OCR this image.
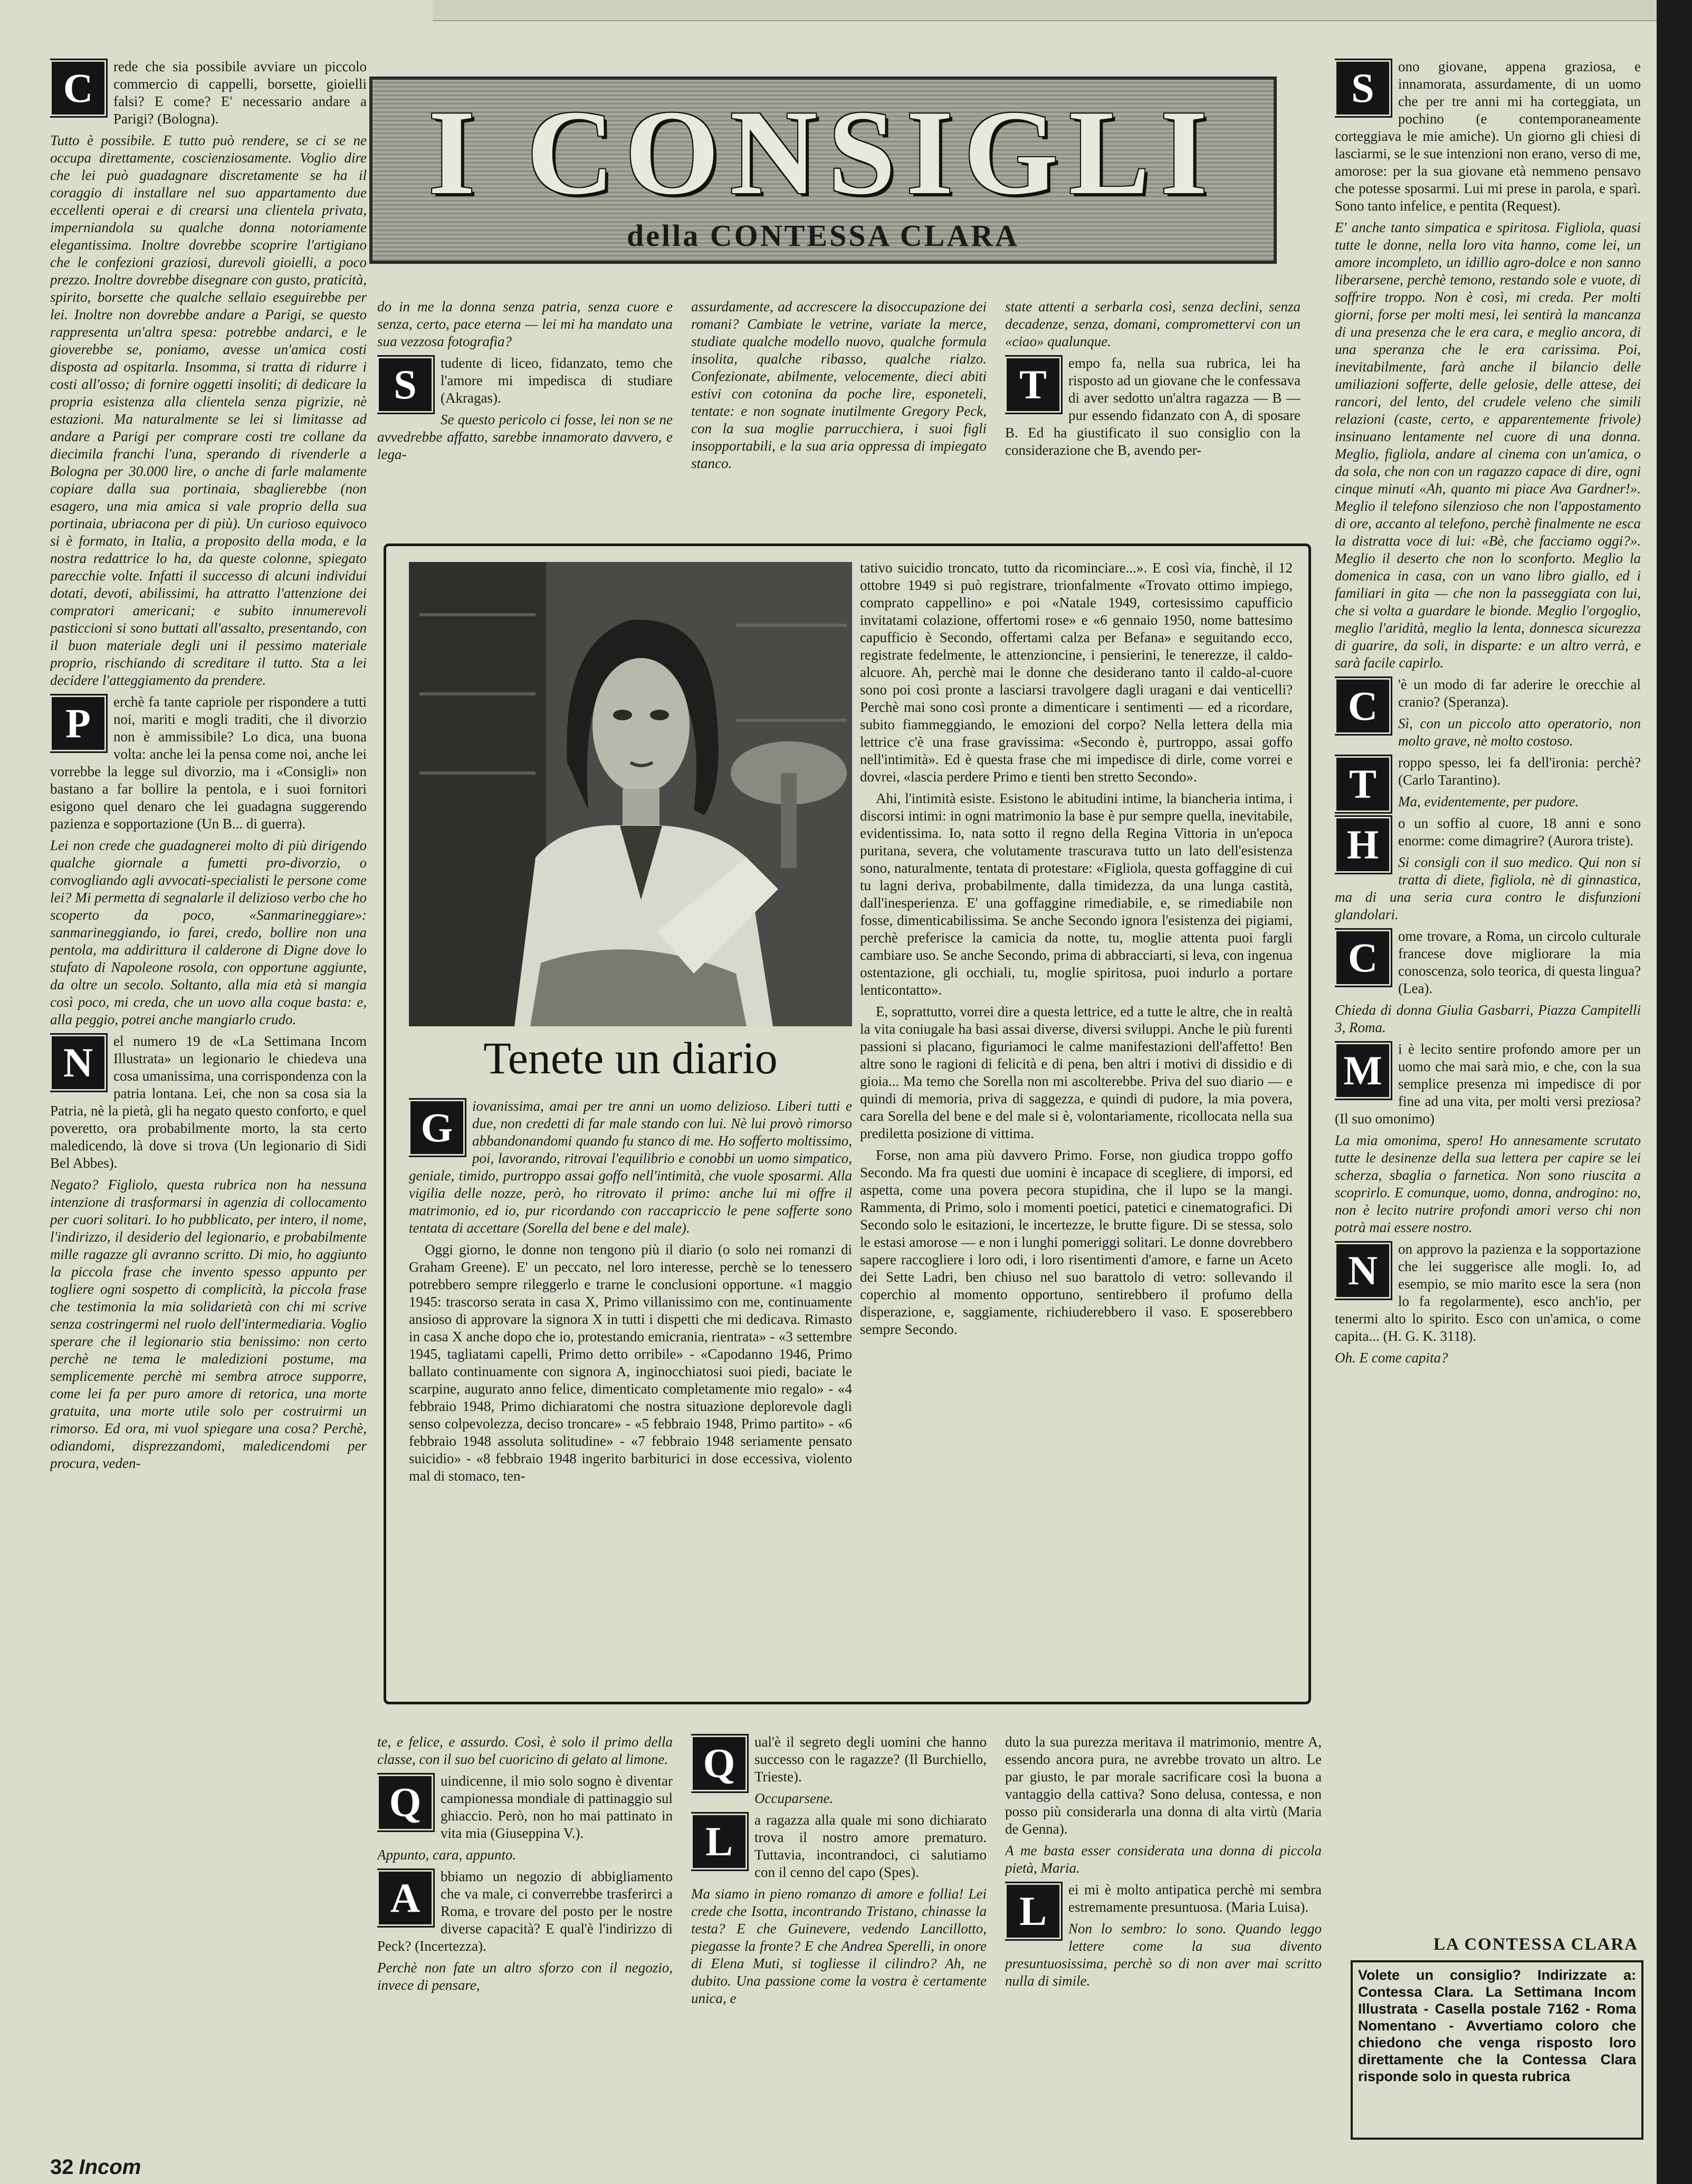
I CONSIGLI
della CONTESSA CLARA

C	rede che sia possibile avviare un piccolo commercio di cappelli, borsette, gioielli falsi? E come? E' necessario andare a Parigi? (Bologna).

Tutto è possibile. E tutto può rendere, se ci se ne occupa direttamente, coscienziosamente. Voglio dire che lei può guadagnare discretamente se ha il coraggio di installare nel suo appartamento due eccellenti operai e di crearsi una clientela privata, imperniandola su qualche donna notoriamente elegantissima. Inoltre dovrebbe scoprire l'artigiano che le confezioni graziosi, durevoli gioielli, a poco prezzo. Inoltre dovrebbe disegnare con gusto, praticità, spirito, borsette che qualche sellaio eseguirebbe per lei. Inoltre non dovrebbe andare a Parigi, se questo rappresenta un'altra spesa: potrebbe andarci, e le gioverebbe se, poniamo, avesse un'amica costi disposta ad ospitarla. Insomma, si tratta di ridurre i costi all'osso; di fornire oggetti insoliti; di dedicare la propria esistenza alla clientela senza pigrizie, nè estazioni. Ma naturalmente se lei si limitasse ad andare a Parigi per comprare costi tre collane da diecimila franchi l'una, sperando di rivenderle a Bologna per 30.000 lire, o anche di farle malamente copiare dalla sua portinaia, sbaglierebbe (non esagero, una mia amica si vale proprio della sua portinaia, ubriacona per di più). Un curioso equivoco si è formato, in Italia, a proposito della moda, e la nostra redattrice lo ha, da queste colonne, spiegato parecchie volte. Infatti il successo di alcuni individui dotati, devoti, abilissimi, ha attratto l'attenzione dei compratori americani; e subito innumerevoli pasticcioni si sono buttati all'assalto, presentando, con il buon materiale degli uni il pessimo materiale proprio, rischiando di screditare il tutto. Sta a lei decidere l'atteggiamento da prendere.

P	erchè fa tante capriole per rispondere a tutti noi, mariti e mogli traditi, che il divorzio non è ammissibile? Lo dica, una buona volta: anche lei la pensa come noi, anche lei vorrebbe la legge sul divorzio, ma i «Consigli» non bastano a far bollire la pentola, e i suoi fornitori esigono quel denaro che lei guadagna suggerendo pazienza e sopportazione (Un B... di guerra).

Lei non crede che guadagnerei molto di più dirigendo qualche giornale a fumetti pro-divorzio, o convogliando agli avvocati-specialisti le persone come lei? Mi permetta di segnalarle il delizioso verbo che ho scoperto da poco, «Sanmarineggiare»: sanmarineggiando, io farei, credo, bollire non una pentola, ma addirittura il calderone di Digne dove lo stufato di Napoleone rosola, con opportune aggiunte, da oltre un secolo. Soltanto, alla mia età si mangia così poco, mi creda, che un uovo alla coque basta: e, alla peggio, potrei anche mangiarlo crudo.

N	el numero 19 de «La Settimana Incom Illustrata» un legionario le chiedeva una cosa umanissima, una corrispondenza con la patria lontana. Lei, che non sa cosa sia la Patria, nè la pietà, gli ha negato questo conforto, e quel poveretto, ora probabilmente morto, la sta certo maledicendo, là dove si trova (Un legionario di Sidi Bel Abbes).

Negato? Figliolo, questa rubrica non ha nessuna intenzione di trasformarsi in agenzia di collocamento per cuori solitari. Io ho pubblicato, per intero, il nome, l'indirizzo, il desiderio del legionario, e probabilmente mille ragazze gli avranno scritto. Di mio, ho aggiunto la piccola frase che invento spesso appunto per togliere ogni sospetto di complicità, la piccola frase che testimonia la mia solidarietà con chi mi scrive senza costringermi nel ruolo dell'intermediaria. Voglio sperare che il legionario stia benissimo: non certo perchè ne tema le maledizioni postume, ma semplicemente perchè mi sembra atroce supporre, come lei fa per puro amore di retorica, una morte gratuita, una morte utile solo per costruirmi un rimorso. Ed ora, mi vuol spiegare una cosa? Perchè, odiandomi, disprezzandomi, maledicendomi per procura, veden-

do in me la donna senza patria, senza cuore e senza, certo, pace eterna — lei mi ha mandato una sua vezzosa fotografia?

S	tudente di liceo, fidanzato, temo che l'amore mi impedisca di studiare (Akragas).

Se questo pericolo ci fosse, lei non se ne avvedrebbe affatto, sarebbe innamorato davvero, e lega-

assurdamente, ad accrescere la disoccupazione dei romani? Cambiate le vetrine, variate la merce, studiate qualche modello nuovo, qualche formula insolita, qualche ribasso, qualche rialzo. Confezionate, abilmente, velocemente, dieci abiti estivi con cotonina da poche lire, esponeteli, tentate: e non sognate inutilmente Gregory Peck, con la sua moglie parrucchiera, i suoi figli insopportabili, e la sua aria oppressa di impiegato stanco.

state attenti a serbarla così, senza declini, senza decadenze, senza, domani, compromettervi con un «ciao» qualunque.

T	empo fa, nella sua rubrica, lei ha risposto ad un giovane che le confessava di aver sedotto un'altra ragazza — B — pur essendo fidanzato con A, di sposare B. Ed ha giustificato il suo consiglio con la considerazione che B, avendo per-

Tenete un diario

G	iovanissima, amai per tre anni un uomo delizioso. Liberi tutti e due, non credetti di far male stando con lui. Nè lui provò rimorso abbandonandomi quando fu stanco di me. Ho sofferto moltissimo, poi, lavorando, ritrovai l'equilibrio e conobbi un uomo simpatico, geniale, timido, purtroppo assai goffo nell'intimità, che vuole sposarmi. Alla vigilia delle nozze, però, ho ritrovato il primo: anche lui mi offre il matrimonio, ed io, pur ricordando con raccapriccio le pene sofferte sono tentata di accettare (Sorella del bene e del male).

Oggi giorno, le donne non tengono più il diario (o solo nei romanzi di Graham Greene). E' un peccato, nel loro interesse, perchè se lo tenessero potrebbero sempre rileggerlo e trarne le conclusioni opportune. «1 maggio 1945: trascorso serata in casa X, Primo villanissimo con me, continuamente ansioso di approvare la signora X in tutti i dispetti che mi dedicava. Rimasto in casa X anche dopo che io, protestando emicrania, rientrata» - «3 settembre 1945, tagliatami capelli, Primo detto orribile» - «Capodanno 1946, Primo ballato continuamente con signora A, inginocchiatosi suoi piedi, baciate le scarpine, augurato anno felice, dimenticato completamente mio regalo» - «4 febbraio 1948, Primo dichiaratomi che nostra situazione deplorevole dagli senso colpevolezza, deciso troncare» - «5 febbraio 1948, Primo partito» - «6 febbraio 1948 assoluta solitudine» - «7 febbraio 1948 seriamente pensato suicidio» - «8 febbraio 1948 ingerito barbiturici in dose eccessiva, violento mal di stomaco, ten-

tativo suicidio troncato, tutto da ricominciare...». E così via, finchè, il 12 ottobre 1949 si può registrare, trionfalmente «Trovato ottimo impiego, comprato cappellino» e poi «Natale 1949, cortesissimo capufficio invitatami colazione, offertomi rose» e «6 gennaio 1950, nome battesimo capufficio è Secondo, offertami calza per Befana» e seguitando ecco, registrate fedelmente, le attenzioncine, i pensierini, le tenerezze, il caldo-alcuore. Ah, perchè mai le donne che desiderano tanto il caldo-al-cuore sono poi così pronte a lasciarsi travolgere dagli uragani e dai venticelli? Perchè mai sono così pronte a dimenticare i sentimenti — ed a ricordare, subito fiammeggiando, le emozioni del corpo? Nella lettera della mia lettrice c'è una frase gravissima: «Secondo è, purtroppo, assai goffo nell'intimità». Ed è questa frase che mi impedisce di dirle, come vorrei e dovrei, «lascia perdere Primo e tienti ben stretto Secondo».

Ahi, l'intimità esiste. Esistono le abitudini intime, la biancheria intima, i discorsi intimi: in ogni matrimonio la base è pur sempre quella, inevitabile, evidentissima. Io, nata sotto il regno della Regina Vittoria in un'epoca puritana, severa, che volutamente trascurava tutto un lato dell'esistenza sono, naturalmente, tentata di protestare: «Figliola, questa goffaggine di cui tu lagni deriva, probabilmente, dalla timidezza, da una lunga castità, dall'inesperienza. E' una goffaggine rimediabile, e, se rimediabile non fosse, dimenticabilissima. Se anche Secondo ignora l'esistenza dei pigiami, perchè preferisce la camicia da notte, tu, moglie attenta puoi fargli cambiare uso. Se anche Secondo, prima di abbracciarti, si leva, con ingenua ostentazione, gli occhiali, tu, moglie spiritosa, puoi indurlo a portare lenticontatto».

E, soprattutto, vorrei dire a questa lettrice, ed a tutte le altre, che in realtà la vita coniugale ha basi assai diverse, diversi sviluppi. Anche le più furenti passioni si placano, figuriamoci le calme manifestazioni dell'affetto! Ben altre sono le ragioni di felicità e di pena, ben altri i motivi di dissidio e di gioia... Ma temo che Sorella non mi ascolterebbe. Priva del suo diario — e quindi di memoria, priva di saggezza, e quindi di pudore, la mia povera, cara Sorella del bene e del male si è, volontariamente, ricollocata nella sua prediletta posizione di vittima.

Forse, non ama più davvero Primo. Forse, non giudica troppo goffo Secondo. Ma fra questi due uomini è incapace di scegliere, di imporsi, ed aspetta, come una povera pecora stupidina, che il lupo se la mangi. Rammenta, di Primo, solo i momenti poetici, patetici e cinematografici. Di Secondo solo le esitazioni, le incertezze, le brutte figure. Di se stessa, solo le estasi amorose — e non i lunghi pomeriggi solitari. Le donne dovrebbero sapere raccogliere i loro odi, i loro risentimenti d'amore, e farne un Aceto dei Sette Ladri, ben chiuso nel suo barattolo di vetro: sollevando il coperchio al momento opportuno, sentirebbero il profumo della disperazione, e, saggiamente, richiuderebbero il vaso. E sposerebbero sempre Secondo.

S	ono giovane, appena graziosa, e innamorata, assurdamente, di un uomo che per tre anni mi ha corteggiata, un pochino (e contemporaneamente corteggiava le mie amiche). Un giorno gli chiesi di lasciarmi, se le sue intenzioni non erano, verso di me, amorose: per la sua giovane età nemmeno pensavo che potesse sposarmi. Lui mi prese in parola, e sparì. Sono tanto infelice, e pentita (Request).

E' anche tanto simpatica e spiritosa. Figliola, quasi tutte le donne, nella loro vita hanno, come lei, un amore incompleto, un idillio agro-dolce e non sanno liberarsene, perchè temono, restando sole e vuote, di soffrire troppo. Non è così, mi creda. Per molti giorni, forse per molti mesi, lei sentirà la mancanza di una presenza che le era cara, e meglio ancora, di una speranza che le era carissima. Poi, inevitabilmente, farà anche il bilancio delle umiliazioni sofferte, delle gelosie, delle attese, dei rancori, del lento, del crudele veleno che simili relazioni (caste, certo, e apparentemente frivole) insinuano lentamente nel cuore di una donna. Meglio, figliola, andare al cinema con un'amica, o da sola, che non con un ragazzo capace di dire, ogni cinque minuti «Ah, quanto mi piace Ava Gardner!». Meglio il telefono silenzioso che non l'appostamento di ore, accanto al telefono, perchè finalmente ne esca la distratta voce di lui: «Bè, che facciamo oggi?». Meglio il deserto che non lo sconforto. Meglio la domenica in casa, con un vano libro giallo, ed i familiari in gita — che non la passeggiata con lui, che si volta a guardare le bionde. Meglio l'orgoglio, meglio l'aridità, meglio la lenta, donnesca sicurezza di guarire, da soli, in disparte: e un altro verrà, e sarà facile capirlo.

C	'è un modo di far aderire le orecchie al cranio? (Speranza).

Sì, con un piccolo atto operatorio, non molto grave, nè molto costoso.

T	roppo spesso, lei fa dell'ironia: perchè? (Carlo Tarantino).

Ma, evidentemente, per pudore.

H	o un soffio al cuore, 18 anni e sono enorme: come dimagrire? (Aurora triste).

Si consigli con il suo medico. Qui non si tratta di diete, figliola, nè di ginnastica, ma di una seria cura contro le disfunzioni glandolari.

C	ome trovare, a Roma, un circolo culturale francese dove migliorare la mia conoscenza, solo teorica, di questa lingua? (Lea).

Chieda di donna Giulia Gasbarri, Piazza Campitelli 3, Roma.

M	i è lecito sentire profondo amore per un uomo che mai sarà mio, e che, con la sua semplice presenza mi impedisce di por fine ad una vita, per molti versi preziosa? (Il suo omonimo)

La mia omonima, spero! Ho annesamente scrutato tutte le desinenze della sua lettera per capire se lei scherza, sbaglia o farnetica. Non sono riuscita a scoprirlo. E comunque, uomo, donna, androgino: no, non è lecito nutrire profondi amori verso chi non potrà mai essere nostro.

N	on approvo la pazienza e la sopportazione che lei suggerisce alle mogli. Io, ad esempio, se mio marito esce la sera (non lo fa regolarmente), esco anch'io, per tenermi alto lo spirito. Esco con un'amica, o come capita... (H. G. K. 3118).

Oh. E come capita?

LA CONTESSA CLARA
Volete un consiglio? Indirizzate a: Contessa Clara. La Settimana Incom Illustrata - Casella postale 7162 - Roma Nomentano - Avvertiamo coloro che chiedono che venga risposto loro direttamente che la Contessa Clara risponde solo in questa rubrica

te, e felice, e assurdo. Così, è solo il primo della classe, con il suo bel cuoricino di gelato al limone.

Q	uindicenne, il mio solo sogno è diventar campionessa mondiale di pattinaggio sul ghiaccio. Però, non ho mai pattinato in vita mia (Giuseppina V.).

Appunto, cara, appunto.

A	bbiamo un negozio di abbigliamento che va male, ci converrebbe trasferirci a Roma, e trovare del posto per le nostre diverse capacità? E qual'è l'indirizzo di Peck? (Incertezza).

Perchè non fate un altro sforzo con il negozio, invece di pensare,

Q	ual'è il segreto degli uomini che hanno successo con le ragazze? (Il Burchiello, Trieste).

Occuparsene.

L	a ragazza alla quale mi sono dichiarato trova il nostro amore prematuro. Tuttavia, incontrandoci, ci salutiamo con il cenno del capo (Spes).

Ma siamo in pieno romanzo di amore e follia! Lei crede che Isotta, incontrando Tristano, chinasse la testa? E che Guinevere, vedendo Lancillotto, piegasse la fronte? E che Andrea Sperelli, in onore di Elena Muti, si togliesse il cilindro? Ah, ne dubito. Una passione come la vostra è certamente unica, e

duto la sua purezza meritava il matrimonio, mentre A, essendo ancora pura, ne avrebbe trovato un altro. Le par giusto, le par morale sacrificare così la buona a vantaggio della cattiva? Sono delusa, contessa, e non posso più considerarla una donna di alta virtù (Maria de Genna).

A me basta esser considerata una donna di piccola pietà, Maria.

L	ei mi è molto antipatica perchè mi sembra estremamente presuntuosa. (Maria Luisa).

Non lo sembro: lo sono. Quando leggo lettere come la sua divento presuntuosissima, perchè so di non aver mai scritto nulla di simile.

32 Incom
